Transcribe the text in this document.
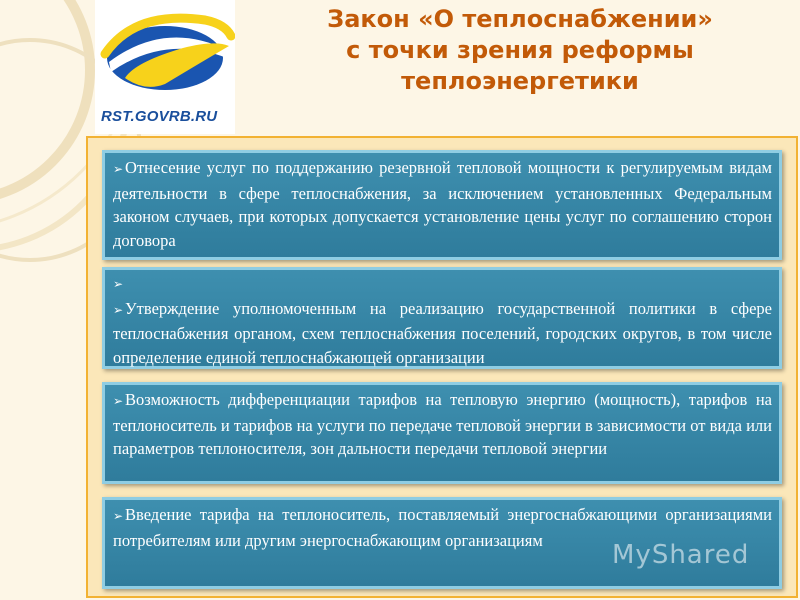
RST.GOVRB.RU
Закон «О теплоснабжении»
с точки зрения реформы
теплоэнергетики
➢ Отнесение услуг по поддержанию резервной тепловой мощности к регулируемым видам деятельности в сфере теплоснабжения, за исключением установленных Федеральным законом случаев, при которых допускается установление цены услуг по соглашению сторон договора
➢
➢ Утверждение уполномоченным на реализацию государственной политики в сфере теплоснабжения органом, схем теплоснабжения поселений, городских округов, в том числе определение единой теплоснабжающей организации
➢ Возможность дифференциации тарифов на тепловую энергию (мощность), тарифов на теплоноситель и тарифов на услуги по передаче тепловой энергии в зависимости от вида или параметров теплоносителя, зон дальности передачи тепловой энергии
➢ Введение тарифа на теплоноситель, поставляемый энергоснабжающими организациями потребителям или другим энергоснабжающим организациям	MyShared
